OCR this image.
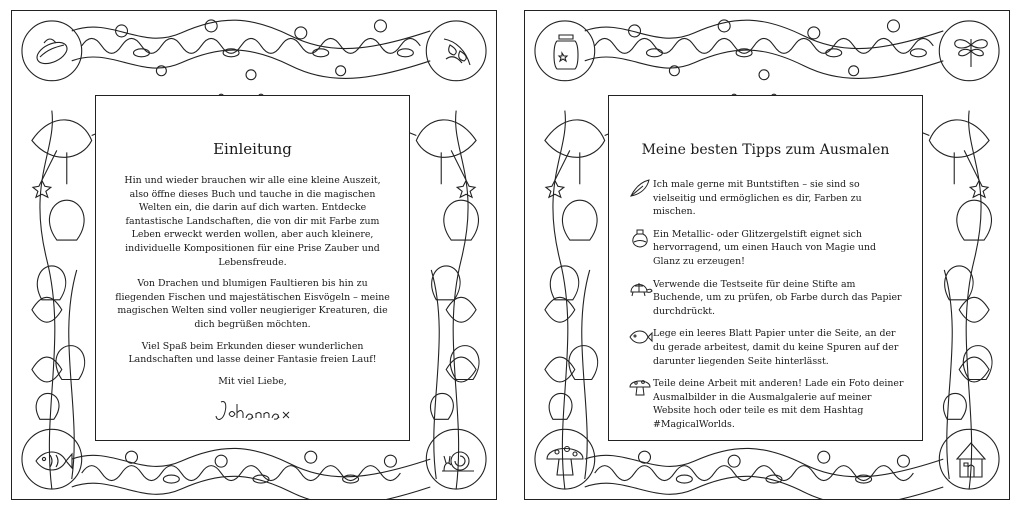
Einleitung

Hin und wieder brauchen wir alle eine kleine Auszeit, also öffne dieses Buch und tauche in die magischen Welten ein, die darin auf dich warten. Entdecke fantastische Landschaften, die von dir mit Farbe zum Leben erweckt werden wollen, aber auch kleinere, individuelle Kompositionen für eine Prise Zauber und Lebensfreude.

Von Drachen und blumigen Faultieren bis hin zu fliegenden Fischen und majestätischen Eisvögeln – meine magischen Welten sind voller neugieriger Kreaturen, die dich begrüßen möchten.

Viel Spaß beim Erkunden dieser wunderlichen Landschaften und lasse deiner Fantasie freien Lauf!

Mit viel Liebe,

Meine besten Tipps zum Ausmalen
Ich male gerne mit Buntstiften – sie sind so vielseitig und ermöglichen es dir, Farben zu mischen.
Ein Metallic- oder Glitzergelstift eignet sich hervorragend, um einen Hauch von Magie und Glanz zu erzeugen!
Verwende die Testseite für deine Stifte am Buchende, um zu prüfen, ob Farbe durch das Papier durchdrückt.
Lege ein leeres Blatt Papier unter die Seite, an der du gerade arbeitest, damit du keine Spuren auf der darunter liegenden Seite hinterlässt.
Teile deine Arbeit mit anderen! Lade ein Foto deiner Ausmalbilder in die Ausmalgalerie auf meiner Website hoch oder teile es mit dem Hashtag #MagicalWorlds.
